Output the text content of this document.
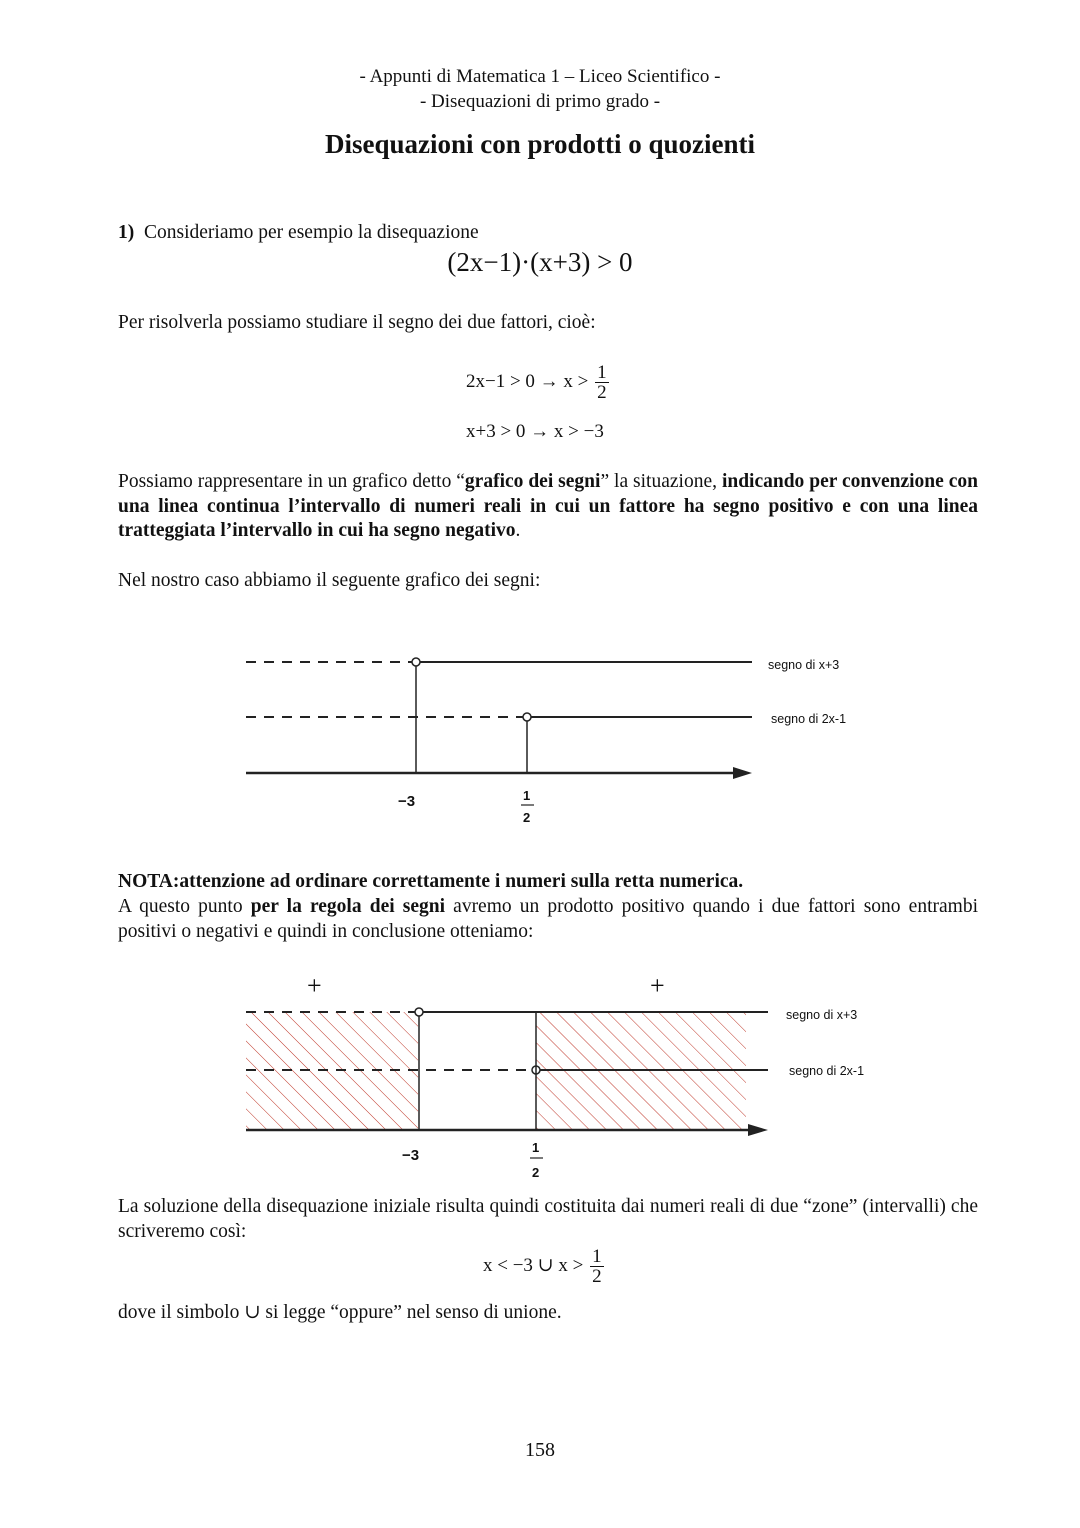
- Appunti di Matematica 1 – Liceo Scientifico -
- Disequazioni di primo grado -
Disequazioni con prodotti o quozienti
1) Consideriamo per esempio la disequazione
(2x−1)·(x+3) > 0
Per risolverla possiamo studiare il segno dei due fattori, cioè:
$2x-1 > 0 \to x > \frac{1}{2}$
x+3 > 0 → x > −3
Possiamo rappresentare in un grafico detto “grafico dei segni” la situazione, indicando per convenzione con una linea continua l’intervallo di numeri reali in cui un fattore ha segno positivo e con una linea tratteggiata l’intervallo in cui ha segno negativo.
Nel nostro caso abbiamo il seguente grafico dei segni:
segno di x+3
segno di 2x-1
−3	1
2
NOTA:attenzione ad ordinare correttamente i numeri sulla retta numerica.
A questo punto per la regola dei segni avremo un prodotto positivo quando i due fattori sono entrambi positivi o negativi e quindi in conclusione otteniamo:
+	+
segno di x+3
segno di 2x-1
−3	1
2
La soluzione della disequazione iniziale risulta quindi costituita dai numeri reali di due “zone” (intervalli) che scriveremo così:
x < −3 ∪ $x > \frac{1}{2}$
dove il simbolo ∪ si legge “oppure” nel senso di unione.
158
